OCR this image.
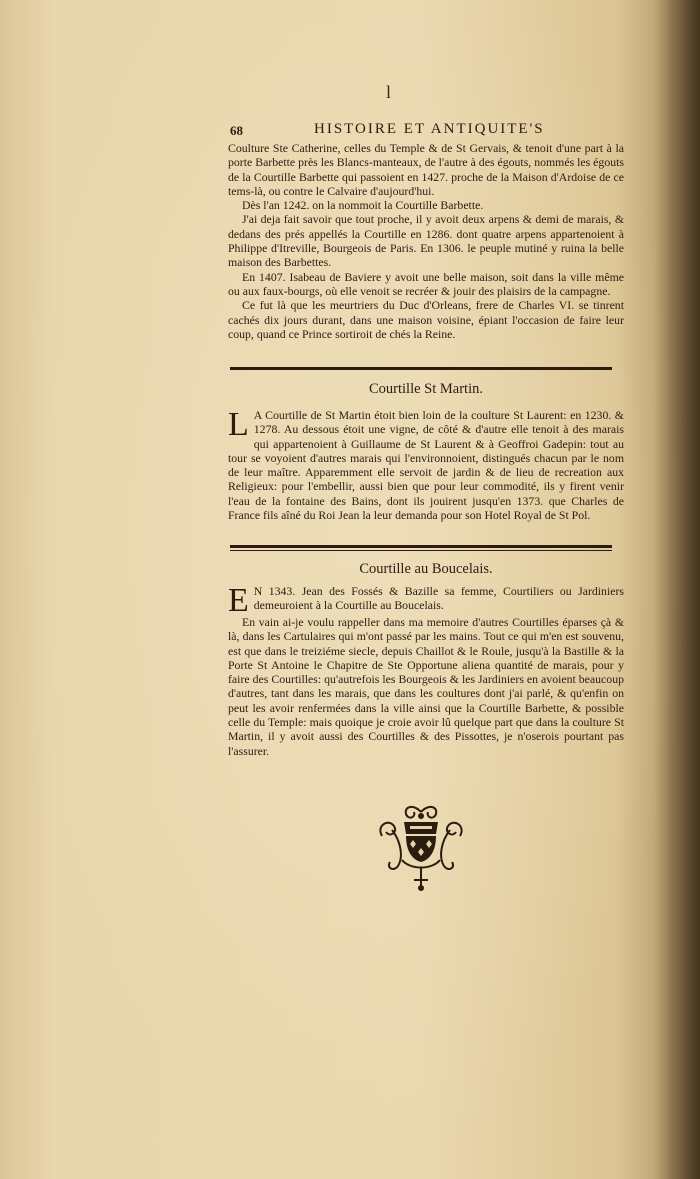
l
68	HISTOIRE ET ANTIQUITE'S

Coulture Ste Catherine, celles du Temple & de St Gervais, & tenoit d'une part à la porte Barbette près les Blancs-manteaux, de l'autre à des égouts, nommés les égouts de la Courtille Barbette qui passoient en 1427. proche de la Maison d'Ardoise de ce tems-là, ou contre le Calvaire d'aujourd'hui.

Dès l'an 1242. on la nommoit la Courtille Barbette.

J'ai deja fait savoir que tout proche, il y avoit deux arpens & demi de marais, & dedans des prés appellés la Courtille en 1286. dont quatre arpens appartenoient à Philippe d'Itreville, Bourgeois de Paris. En 1306. le peuple mutiné y ruina la belle maison des Barbettes.

En 1407. Isabeau de Baviere y avoit une belle maison, soit dans la ville même ou aux faux-bourgs, où elle venoit se recréer & jouir des plaisirs de la campagne.

Ce fut là que les meurtriers du Duc d'Orleans, frere de Charles VI. se tinrent cachés dix jours durant, dans une maison voisine, épiant l'occasion de faire leur coup, quand ce Prince sortiroit de chés la Reine.

Courtille St Martin.
L A Courtille de St Martin étoit bien loin de la coulture St Laurent: en 1230. & 1278. Au dessous étoit une vigne, de côté & d'autre elle tenoit à des marais qui appartenoient à Guillaume de St Laurent & à Geoffroi Gadepin: tout au tour se voyoient d'autres marais qui l'environnoient, distingués chacun par le nom de leur maître. Apparemment elle servoit de jardin & de lieu de recreation aux Religieux: pour l'embellir, aussi bien que pour leur commodité, ils y firent venir l'eau de la fontaine des Bains, dont ils jouirent jusqu'en 1373. que Charles de France fils aîné du Roi Jean la leur demanda pour son Hotel Royal de St Pol.
Courtille au Boucelais.
E N 1343. Jean des Fossés & Bazille sa femme, Courtiliers ou Jardiniers demeuroient à la Courtille au Boucelais.

En vain ai-je voulu rappeller dans ma memoire d'autres Courtilles éparses çà & là, dans les Cartulaires qui m'ont passé par les mains. Tout ce qui m'en est souvenu, est que dans le treiziéme siecle, depuis Chaillot & le Roule, jusqu'à la Bastille & la Porte St Antoine le Chapitre de Ste Opportune aliena quantité de marais, pour y faire des Courtilles: qu'autrefois les Bourgeois & les Jardiniers en avoient beaucoup d'autres, tant dans les marais, que dans les coultures dont j'ai parlé, & qu'enfin on peut les avoir renfermées dans la ville ainsi que la Courtille Barbette, & possible celle du Temple: mais quoique je croie avoir lû quelque part que dans la coulture St Martin, il y avoit aussi des Courtilles & des Pissottes, je n'oserois pourtant pas l'assurer.
